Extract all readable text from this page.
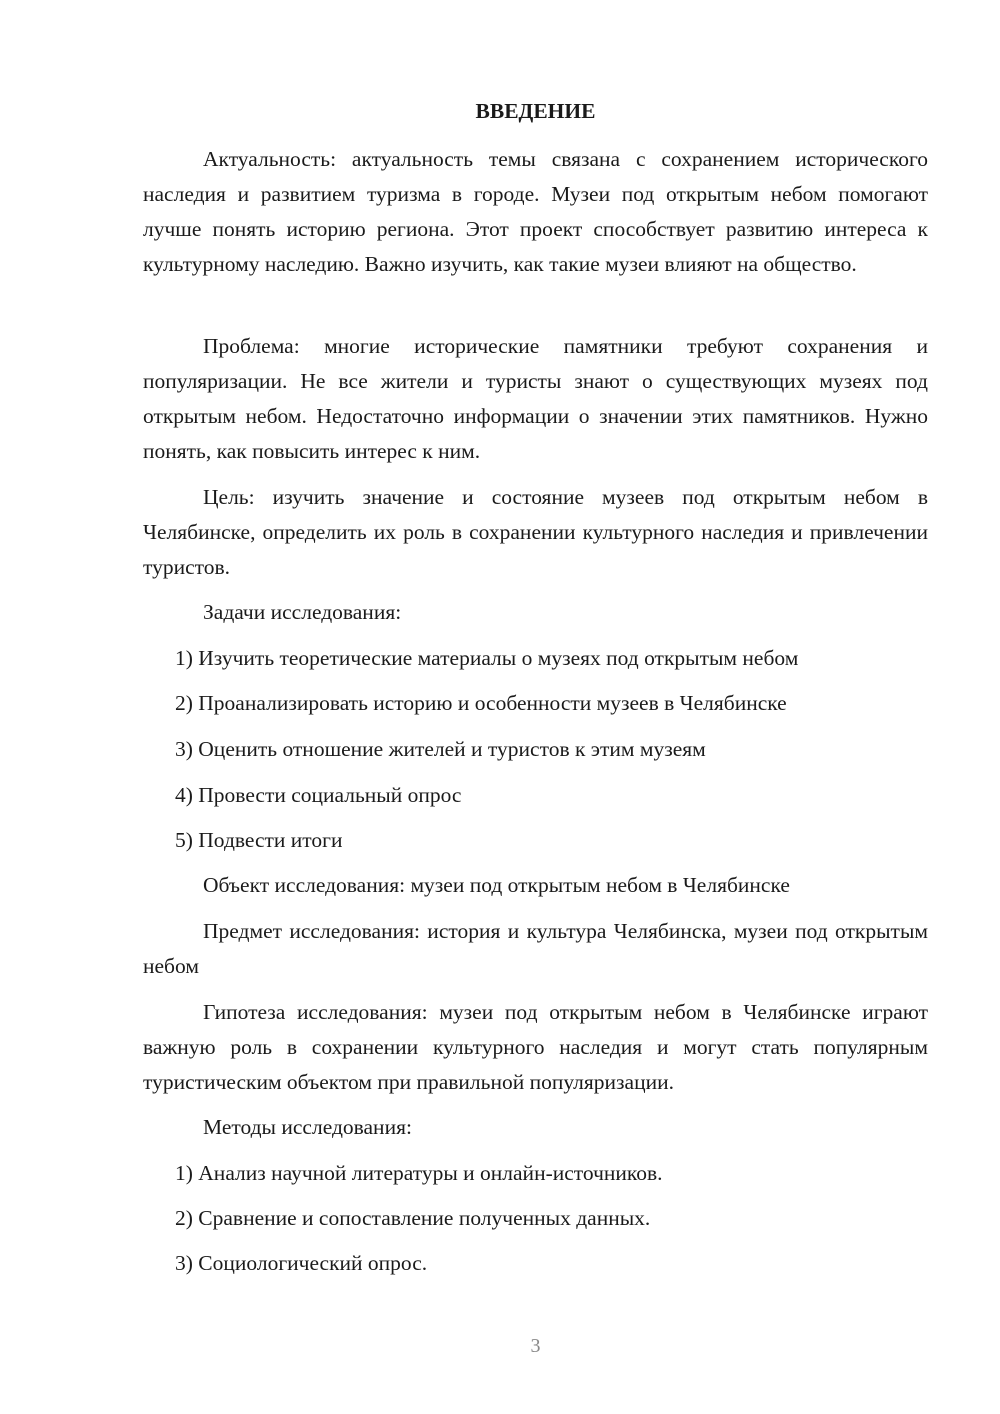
ВВЕДЕНИЕ

Актуальность: актуальность темы связана с сохранением исторического наследия и развитием туризма в городе. Музеи под открытым небом помогают лучше понять историю региона. Этот проект способствует развитию интереса к культурному наследию. Важно изучить, как такие музеи влияют на общество.

Проблема: многие исторические памятники требуют сохранения и популяризации. Не все жители и туристы знают о существующих музеях под открытым небом. Недостаточно информации о значении этих памятников. Нужно понять, как повысить интерес к ним.

Цель: изучить значение и состояние музеев под открытым небом в Челябинске, определить их роль в сохранении культурного наследия и привлечении туристов.

Задачи исследования:

1) Изучить теоретические материалы о музеях под открытым небом

2) Проанализировать историю и особенности музеев в Челябинске

3) Оценить отношение жителей и туристов к этим музеям

4) Провести социальный опрос

5) Подвести итоги

Объект исследования: музеи под открытым небом в Челябинске

Предмет исследования: история и культура Челябинска, музеи под открытым небом

Гипотеза исследования: музеи под открытым небом в Челябинске играют важную роль в сохранении культурного наследия и могут стать популярным туристическим объектом при правильной популяризации.

Методы исследования:

1) Анализ научной литературы и онлайн-источников.

2) Сравнение и сопоставление полученных данных.

3) Социологический опрос.

3
